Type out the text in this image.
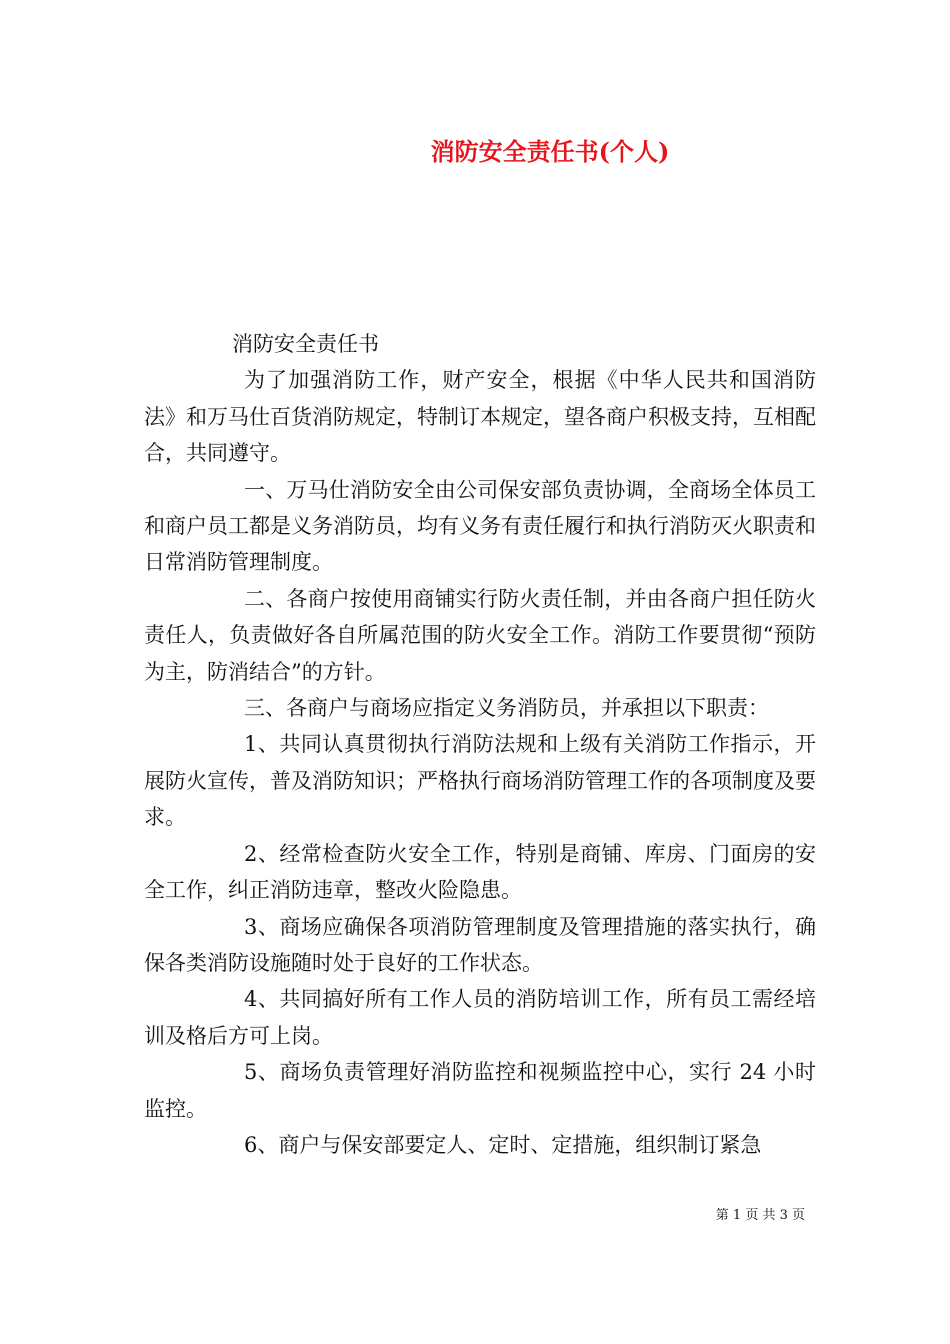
消防安全责任书(个人)

消防安全责任书

为了加强消防工作，财产安全，根据《中华人民共和国消防法》和万马仕百货消防规定，特制订本规定，望各商户积极支持，互相配合，共同遵守。

一、万马仕消防安全由公司保安部负责协调，全商场全体员工和商户员工都是义务消防员，均有义务有责任履行和执行消防灭火职责和日常消防管理制度。

二、各商户按使用商铺实行防火责任制，并由各商户担任防火责任人，负责做好各自所属范围的防火安全工作。消防工作要贯彻“预防为主，防消结合”的方针。

三、各商户与商场应指定义务消防员，并承担以下职责：

1、共同认真贯彻执行消防法规和上级有关消防工作指示，开展防火宣传，普及消防知识；严格执行商场消防管理工作的各项制度及要求。

2、经常检查防火安全工作，特别是商铺、库房、门面房的安全工作，纠正消防违章，整改火险隐患。

3、商场应确保各项消防管理制度及管理措施的落实执行，确保各类消防设施随时处于良好的工作状态。

4、共同搞好所有工作人员的消防培训工作，所有员工需经培训及格后方可上岗。

5、商场负责管理好消防监控和视频监控中心，实行 24 小时监控。

6、商户与保安部要定人、定时、定措施，组织制订紧急

第 1 页 共 3 页
